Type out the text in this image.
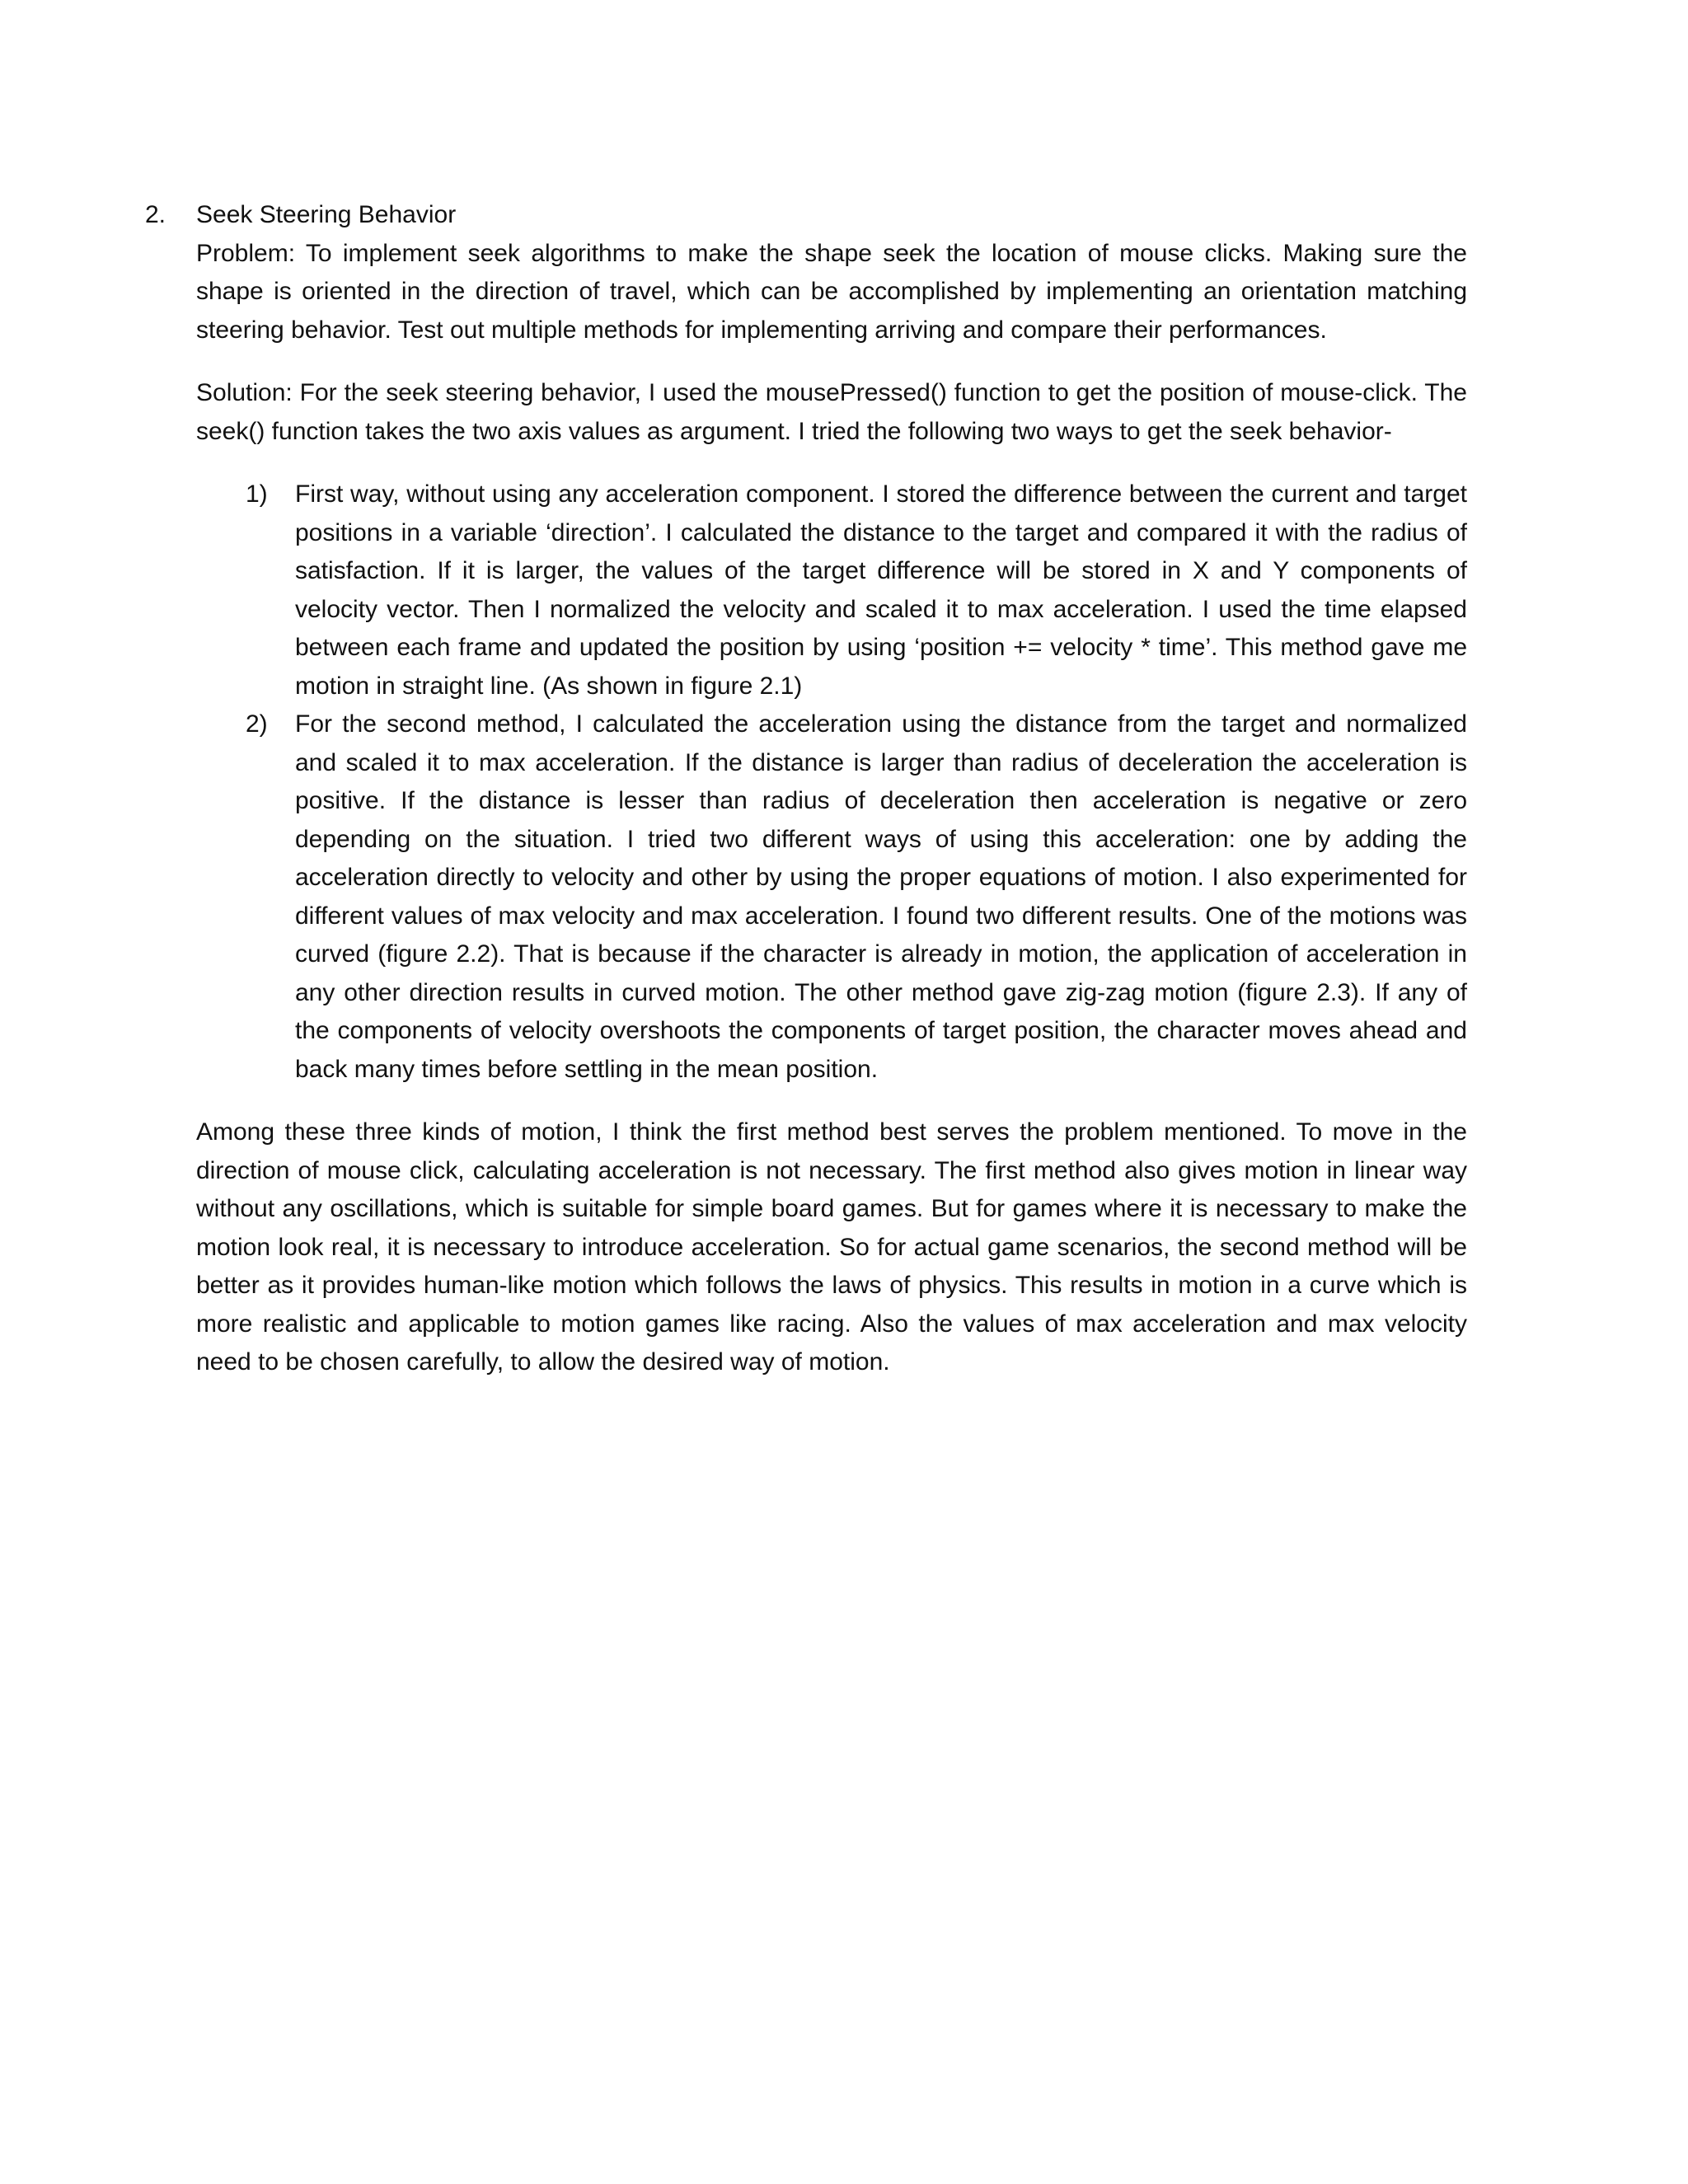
2. Seek Steering Behavior

Problem: To implement seek algorithms to make the shape seek the location of mouse clicks. Making sure the shape is oriented in the direction of travel, which can be accomplished by implementing an orientation matching steering behavior. Test out multiple methods for implementing arriving and compare their performances.

Solution: For the seek steering behavior, I used the mousePressed() function to get the position of mouse-click. The seek() function takes the two axis values as argument. I tried the following two ways to get the seek behavior-

1) First way, without using any acceleration component. I stored the difference between the current and target positions in a variable ‘direction’. I calculated the distance to the target and compared it with the radius of satisfaction. If it is larger, the values of the target difference will be stored in X and Y components of velocity vector. Then I normalized the velocity and scaled it to max acceleration. I used the time elapsed between each frame and updated the position by using ‘position += velocity * time’. This method gave me motion in straight line. (As shown in figure 2.1)
2) For the second method, I calculated the acceleration using the distance from the target and normalized and scaled it to max acceleration. If the distance is larger than radius of deceleration the acceleration is positive. If the distance is lesser than radius of deceleration then acceleration is negative or zero depending on the situation. I tried two different ways of using this acceleration: one by adding the acceleration directly to velocity and other by using the proper equations of motion. I also experimented for different values of max velocity and max acceleration. I found two different results. One of the motions was curved (figure 2.2). That is because if the character is already in motion, the application of acceleration in any other direction results in curved motion. The other method gave zig-zag motion (figure 2.3). If any of the components of velocity overshoots the components of target position, the character moves ahead and back many times before settling in the mean position.

Among these three kinds of motion, I think the first method best serves the problem mentioned. To move in the direction of mouse click, calculating acceleration is not necessary. The first method also gives motion in linear way without any oscillations, which is suitable for simple board games. But for games where it is necessary to make the motion look real, it is necessary to introduce acceleration. So for actual game scenarios, the second method will be better as it provides human-like motion which follows the laws of physics. This results in motion in a curve which is more realistic and applicable to motion games like racing. Also the values of max acceleration and max velocity need to be chosen carefully, to allow the desired way of motion.
